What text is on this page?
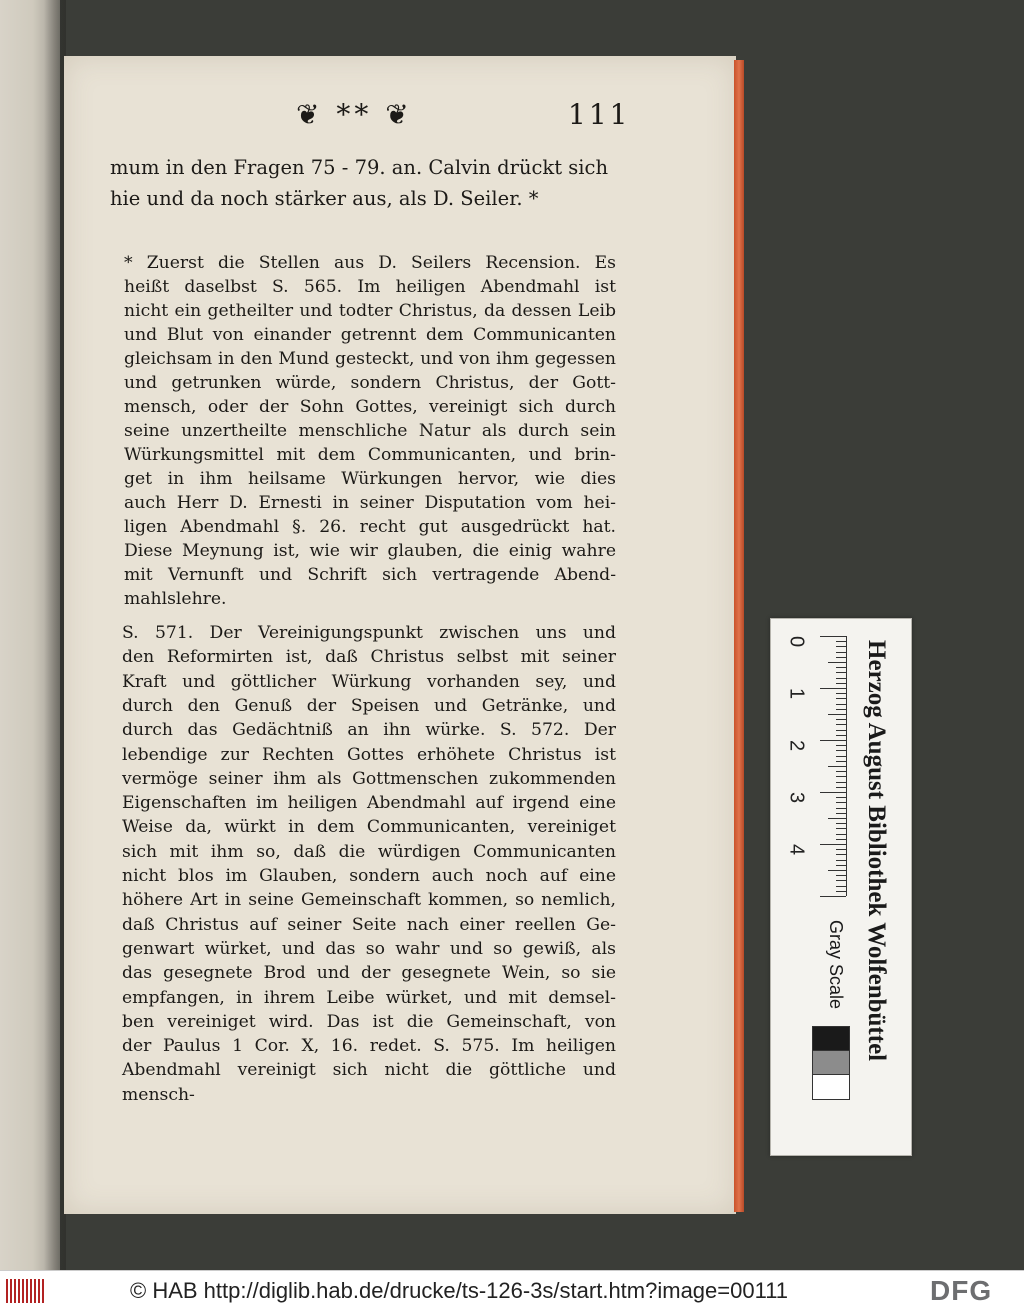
❦ ** ❦	111
mum in den Fragen 75 - 79. an. Calvin drückt sich
hie und da noch stärker aus, als D. Seiler. *
* Zuerst die Stellen aus D. Seilers Recension. Es
heißt daselbst S. 565. Im heiligen Abendmahl ist
nicht ein getheilter und todter Christus, da dessen Leib
und Blut von einander getrennt dem Communicanten
gleichsam in den Mund gesteckt, und von ihm gegessen
und getrunken würde, sondern Christus, der Gott-
mensch, oder der Sohn Gottes, vereinigt sich durch
seine unzertheilte menschliche Natur als durch sein
Würkungsmittel mit dem Communicanten, und brin-
get in ihm heilsame Würkungen hervor, wie dies
auch Herr D. Ernesti in seiner Disputation vom hei-
ligen Abendmahl §. 26. recht gut ausgedrückt hat.
Diese Meynung ist, wie wir glauben, die einig wahre
mit Vernunft und Schrift sich vertragende Abend-
mahlslehre.
S. 571. Der Vereinigungspunkt zwischen uns und
den Reformirten ist, daß Christus selbst mit seiner
Kraft und göttlicher Würkung vorhanden sey, und
durch den Genuß der Speisen und Getränke, und
durch das Gedächtniß an ihn würke. S. 572. Der
lebendige zur Rechten Gottes erhöhete Christus ist
vermöge seiner ihm als Gottmenschen zukommenden
Eigenschaften im heiligen Abendmahl auf irgend eine
Weise da, würkt in dem Communicanten, vereiniget
sich mit ihm so, daß die würdigen Communicanten
nicht blos im Glauben, sondern auch noch auf eine
höhere Art in seine Gemeinschaft kommen, so nemlich,
daß Christus auf seiner Seite nach einer reellen Ge-
genwart würket, und das so wahr und so gewiß, als
das gesegnete Brod und der gesegnete Wein, so sie
empfangen, in ihrem Leibe würket, und mit demsel-
ben vereiniget wird. Das ist die Gemeinschaft, von
der Paulus 1 Cor. X, 16. redet. S. 575. Im heiligen
Abendmahl vereinigt sich nicht die göttliche und
mensch-
0
1
2
3
4 Herzog August Bibliothek Wolfenbüttel
Gray Scale
© HAB http://diglib.hab.de/drucke/ts-126-3s/start.htm?image=00111	DFG
